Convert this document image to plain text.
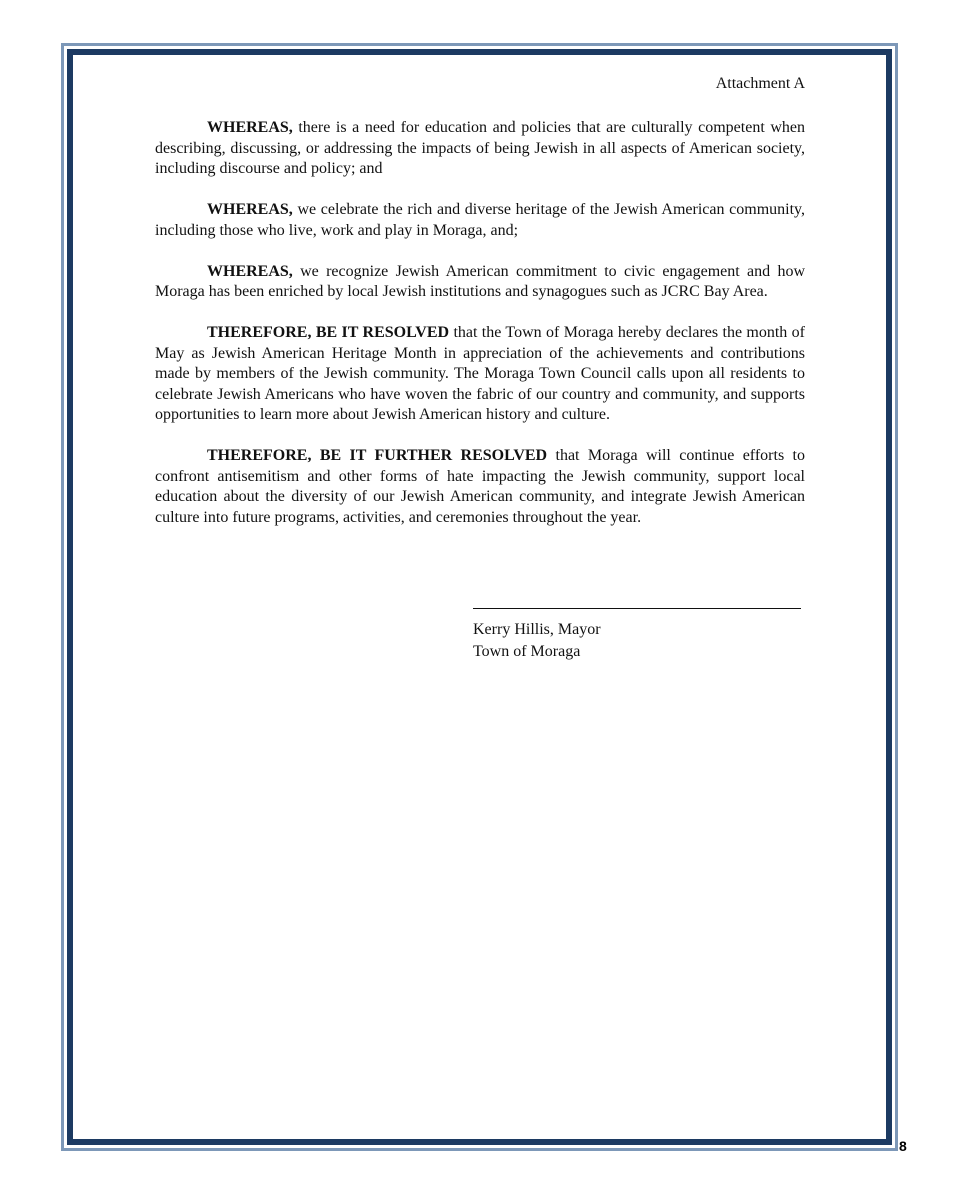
Attachment A

WHEREAS, there is a need for education and policies that are culturally competent when describing, discussing, or addressing the impacts of being Jewish in all aspects of American society, including discourse and policy; and

WHEREAS, we celebrate the rich and diverse heritage of the Jewish American community, including those who live, work and play in Moraga, and;

WHEREAS, we recognize Jewish American commitment to civic engagement and how Moraga has been enriched by local Jewish institutions and synagogues such as JCRC Bay Area.

THEREFORE, BE IT RESOLVED that the Town of Moraga hereby declares the month of May as Jewish American Heritage Month in appreciation of the achievements and contributions made by members of the Jewish community. The Moraga Town Council calls upon all residents to celebrate Jewish Americans who have woven the fabric of our country and community, and supports opportunities to learn more about Jewish American history and culture.

THEREFORE, BE IT FURTHER RESOLVED that Moraga will continue efforts to confront antisemitism and other forms of hate impacting the Jewish community, support local education about the diversity of our Jewish American community, and integrate Jewish American culture into future programs, activities, and ceremonies throughout the year.

Kerry Hillis, Mayor
Town of Moraga
8
